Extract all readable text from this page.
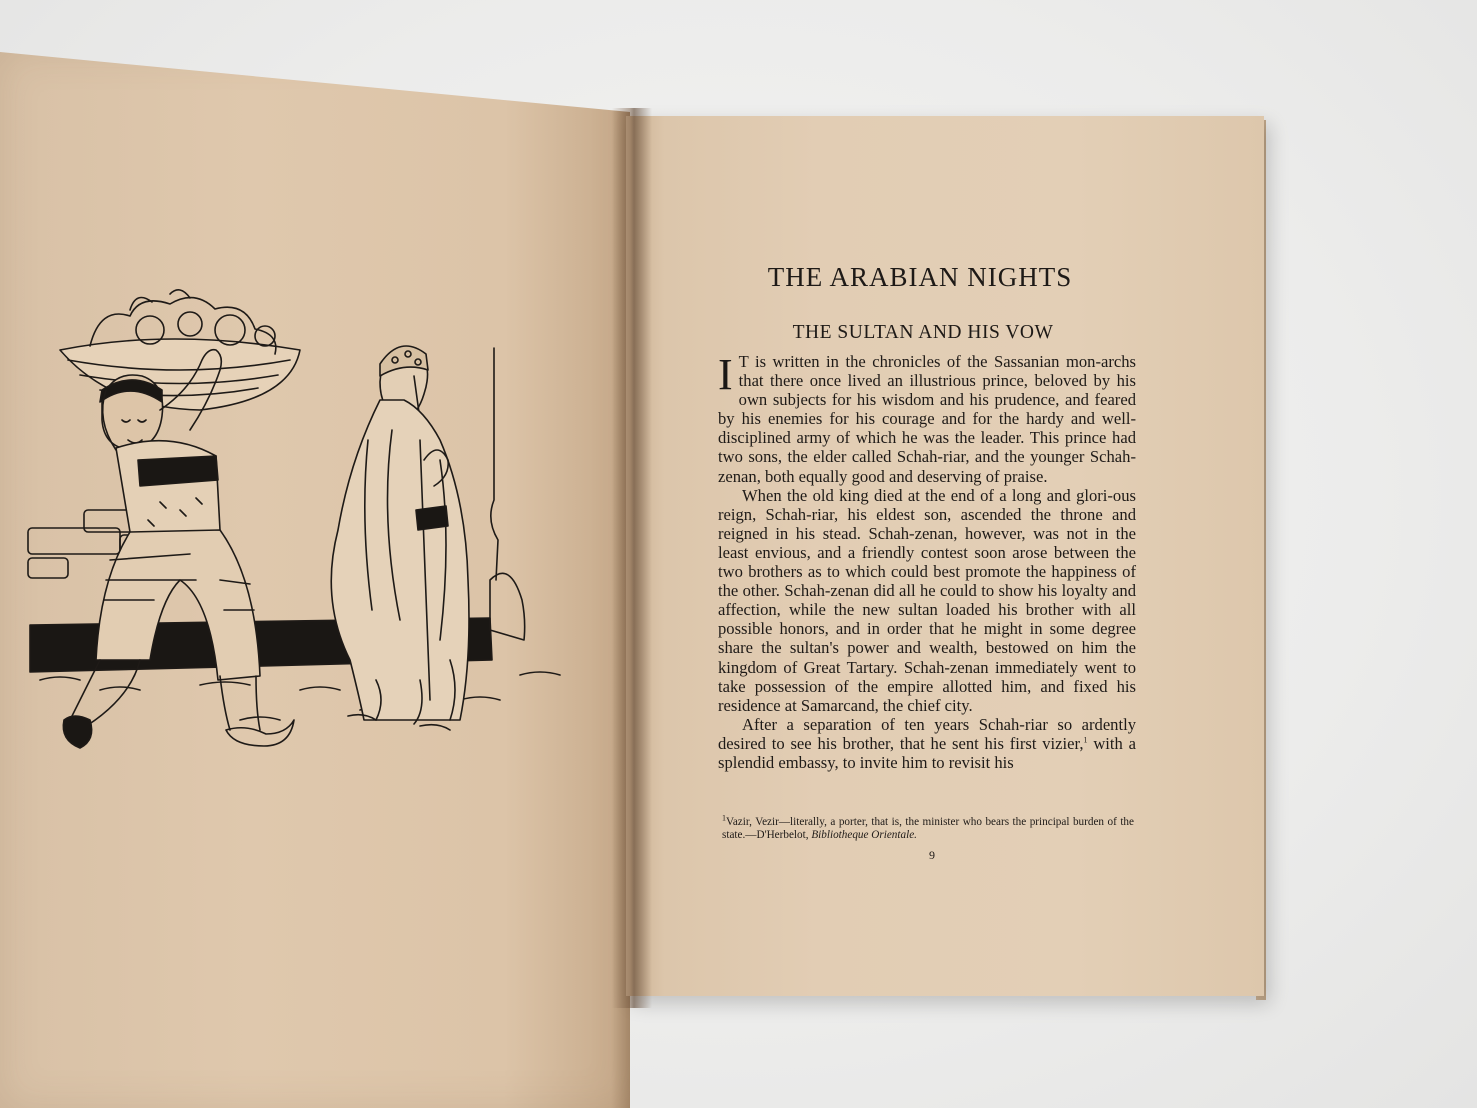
THE ARABIAN NIGHTS
THE SULTAN AND HIS VOW
I T is written in the chronicles of the Sassanian mon-archs that there once lived an illustrious prince, beloved by his own subjects for his wisdom and his prudence, and feared by his enemies for his courage and for the hardy and well-disciplined army of which he was the leader. This prince had two sons, the elder called Schah-riar, and the younger Schah-zenan, both equally good and deserving of praise.
When the old king died at the end of a long and glori-ous reign, Schah-riar, his eldest son, ascended the throne and reigned in his stead. Schah-zenan, however, was not in the least envious, and a friendly contest soon arose between the two brothers as to which could best promote the happiness of the other. Schah-zenan did all he could to show his loyalty and affection, while the new sultan loaded his brother with all possible honors, and in order that he might in some degree share the sultan's power and wealth, bestowed on him the kingdom of Great Tartary. Schah-zenan immediately went to take possession of the empire allotted him, and fixed his residence at Samarcand, the chief city.
After a separation of ten years Schah-riar so ardently desired to see his brother, that he sent his first vizier,$^1$ with a splendid embassy, to invite him to revisit his
$^1$Vazir, Vezir—literally, a porter, that is, the minister who bears the principal burden of the state.—D'Herbelot, Bibliotheque Orientale.
9
